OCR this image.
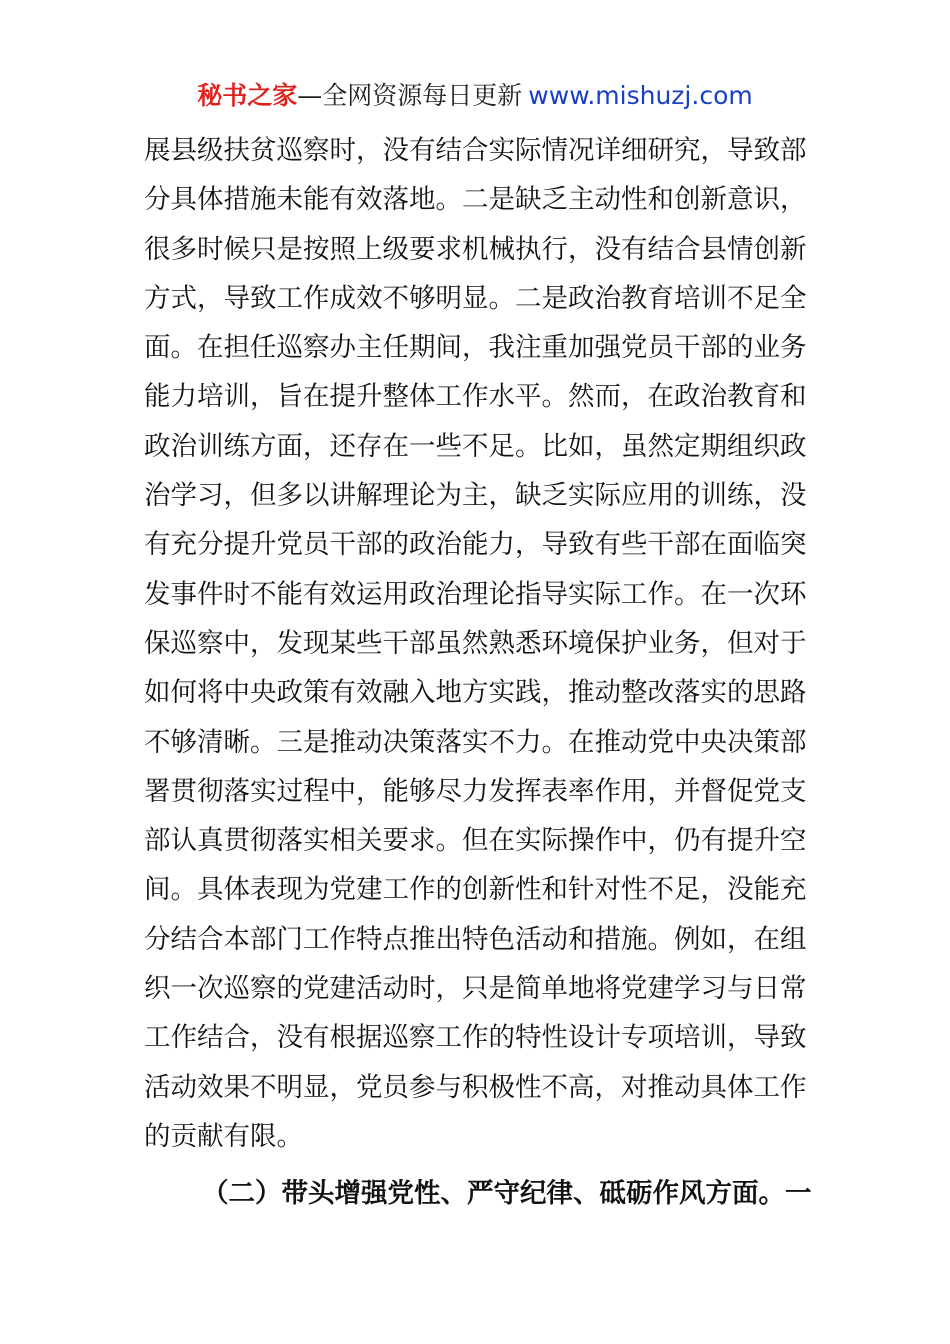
秘书之家—全网资源每日更新 www.mishuzj.com
展县级扶贫巡察时，没有结合实际情况详细研究，导致部
分具体措施未能有效落地。二是缺乏主动性和创新意识，
很多时候只是按照上级要求机械执行，没有结合县情创新
方式，导致工作成效不够明显。二是政治教育培训不足全
面。在担任巡察办主任期间，我注重加强党员干部的业务
能力培训，旨在提升整体工作水平。然而，在政治教育和
政治训练方面，还存在一些不足。比如，虽然定期组织政
治学习，但多以讲解理论为主，缺乏实际应用的训练，没
有充分提升党员干部的政治能力，导致有些干部在面临突
发事件时不能有效运用政治理论指导实际工作。在一次环
保巡察中，发现某些干部虽然熟悉环境保护业务，但对于
如何将中央政策有效融入地方实践，推动整改落实的思路
不够清晰。三是推动决策落实不力。在推动党中央决策部
署贯彻落实过程中，能够尽力发挥表率作用，并督促党支
部认真贯彻落实相关要求。但在实际操作中，仍有提升空
间。具体表现为党建工作的创新性和针对性不足，没能充
分结合本部门工作特点推出特色活动和措施。例如，在组
织一次巡察的党建活动时，只是简单地将党建学习与日常
工作结合，没有根据巡察工作的特性设计专项培训，导致
活动效果不明显，党员参与积极性不高，对推动具体工作
的贡献有限。
（二）带头增强党性、严守纪律、砥砺作风方面。一
